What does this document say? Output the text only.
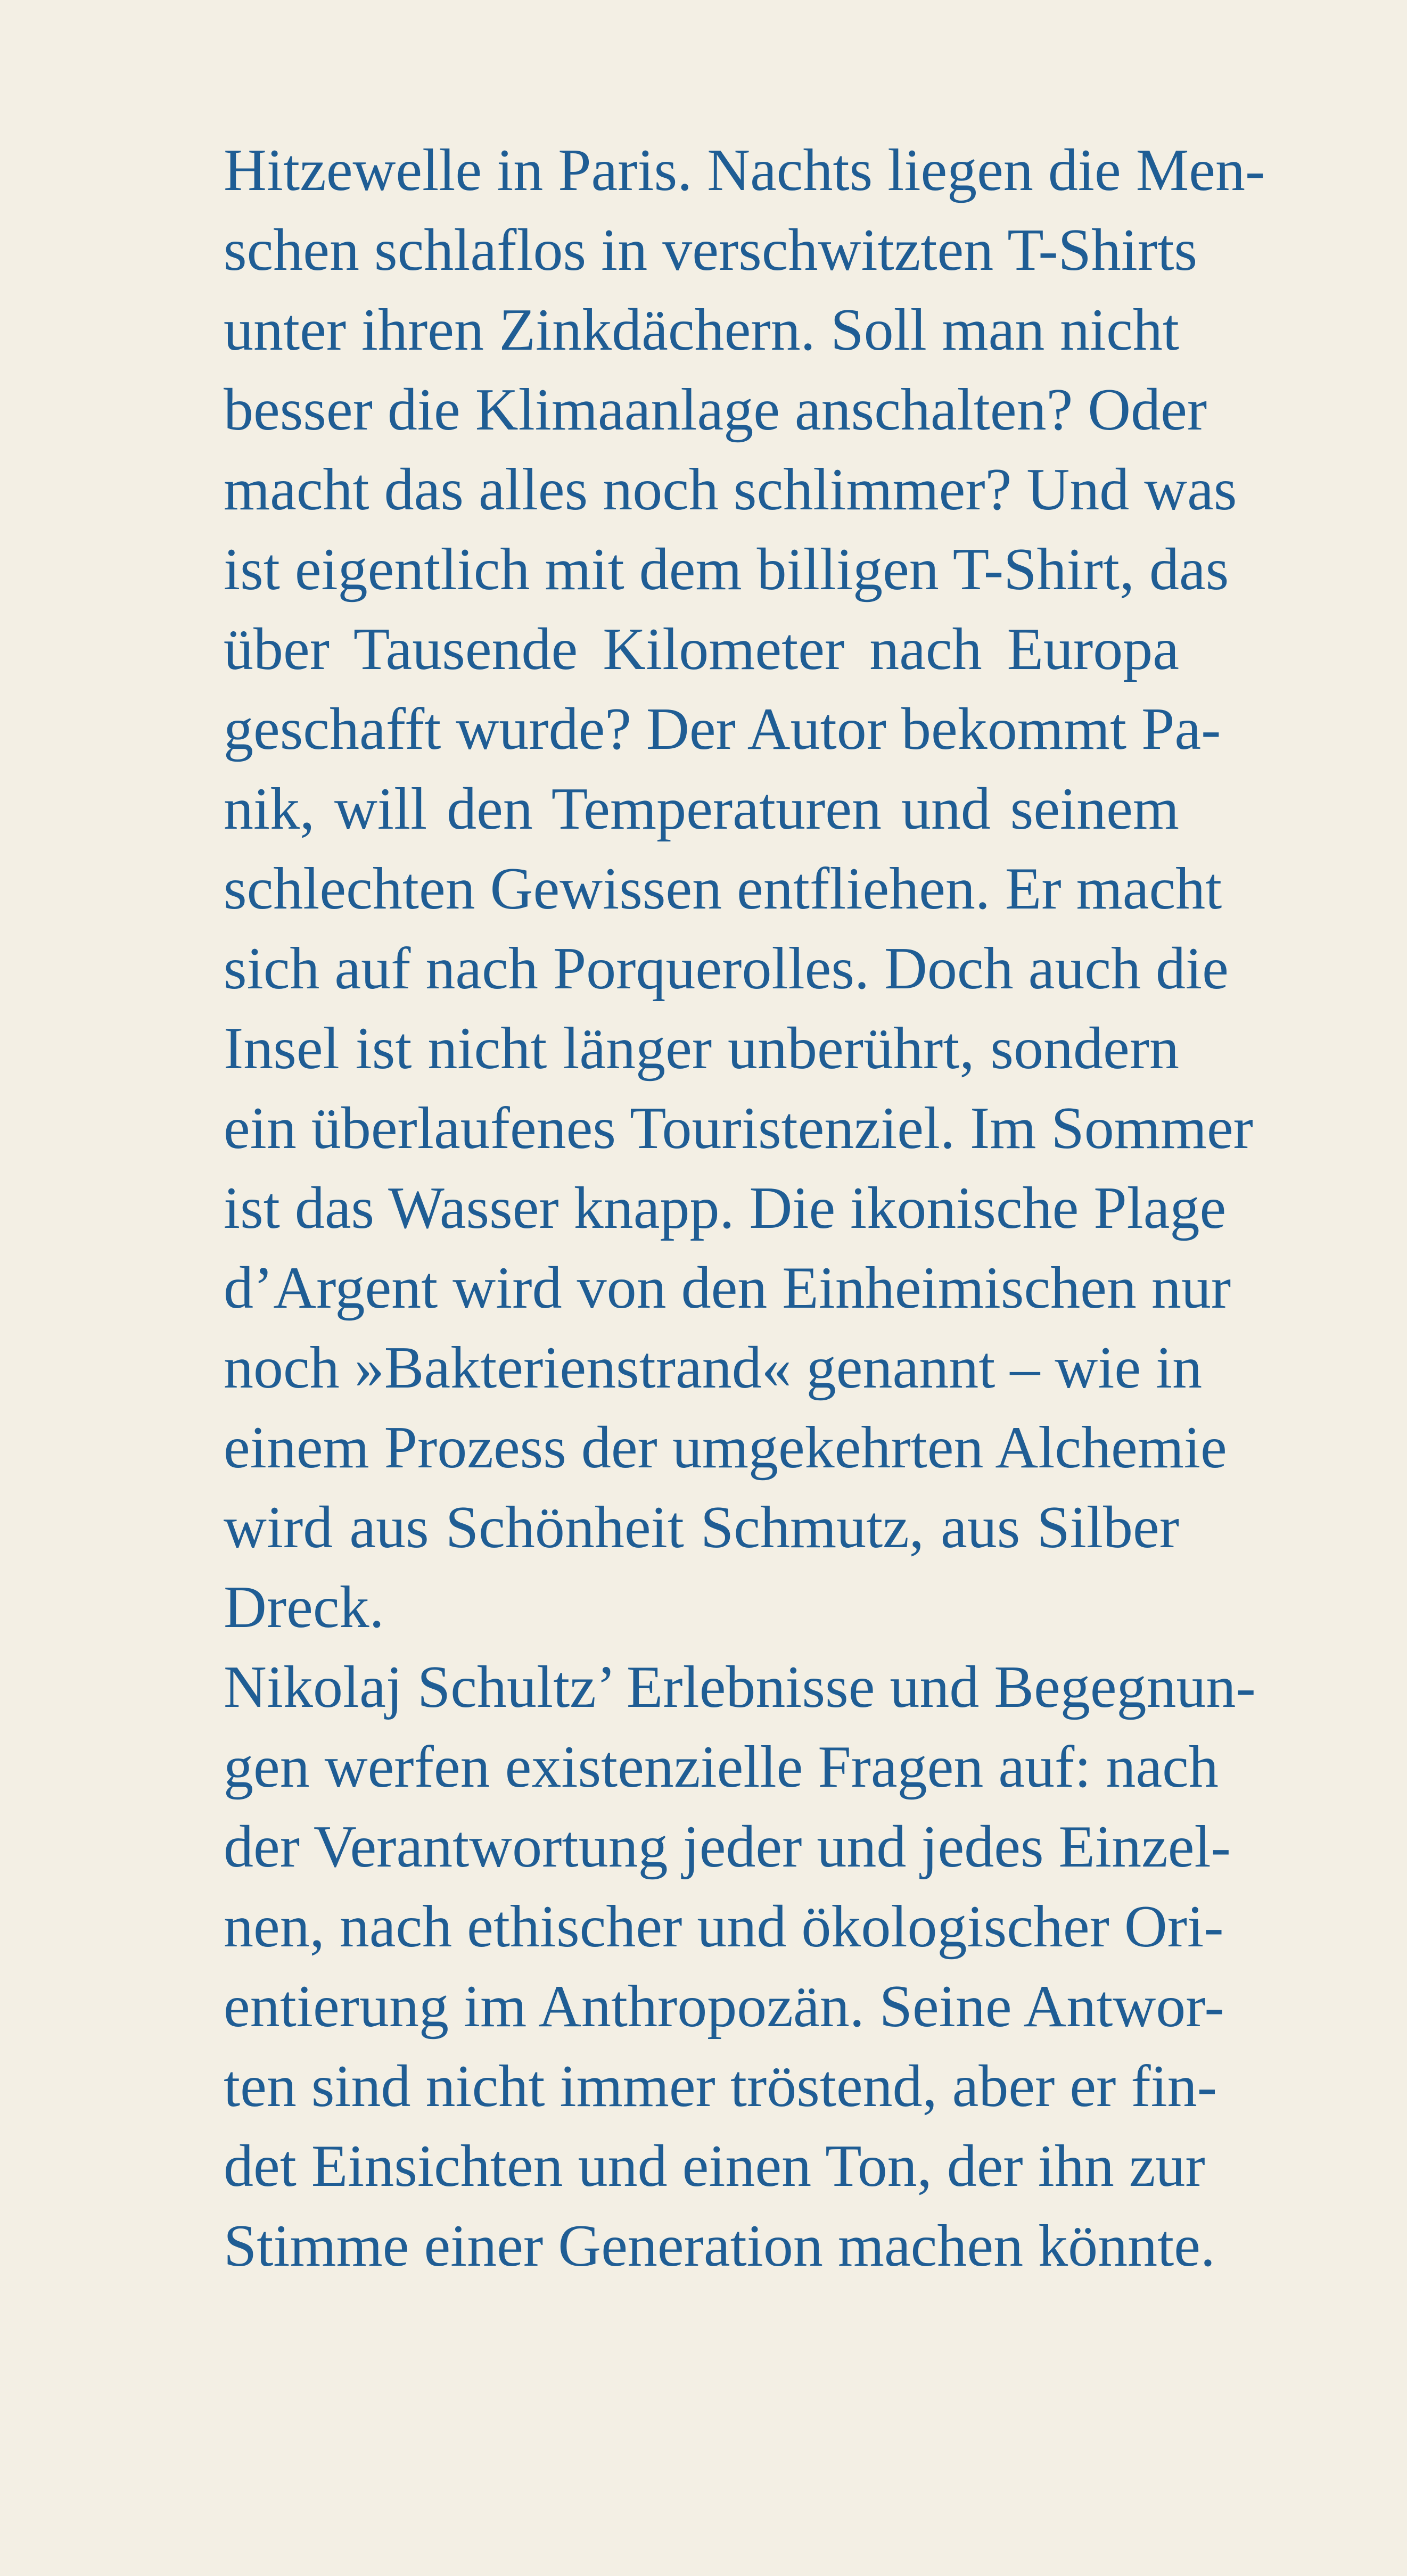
Hitzewelle in Paris. Nachts liegen die Men-
schen schlaflos in verschwitzten T-Shirts
unter ihren Zinkdächern. Soll man nicht
besser die Klimaanlage anschalten? Oder
macht das alles noch schlimmer? Und was
ist eigentlich mit dem billigen T-Shirt, das
über Tausende Kilometer nach Europa
geschafft wurde? Der Autor bekommt Pa-
nik, will den Temperaturen und seinem
schlechten Gewissen entfliehen. Er macht
sich auf nach Porquerolles. Doch auch die
Insel ist nicht länger unberührt, sondern
ein überlaufenes Touristenziel. Im Sommer
ist das Wasser knapp. Die ikonische Plage
d’Argent wird von den Einheimischen nur
noch »Bakterienstrand« genannt – wie in
einem Prozess der umgekehrten Alchemie
wird aus Schönheit Schmutz, aus Silber
Dreck.
Nikolaj Schultz’ Erlebnisse und Begegnun-
gen werfen existenzielle Fragen auf: nach
der Verantwortung jeder und jedes Einzel-
nen, nach ethischer und ökologischer Ori-
entierung im Anthropozän. Seine Antwor-
ten sind nicht immer tröstend, aber er fin-
det Einsichten und einen Ton, der ihn zur
Stimme einer Generation machen könnte.
